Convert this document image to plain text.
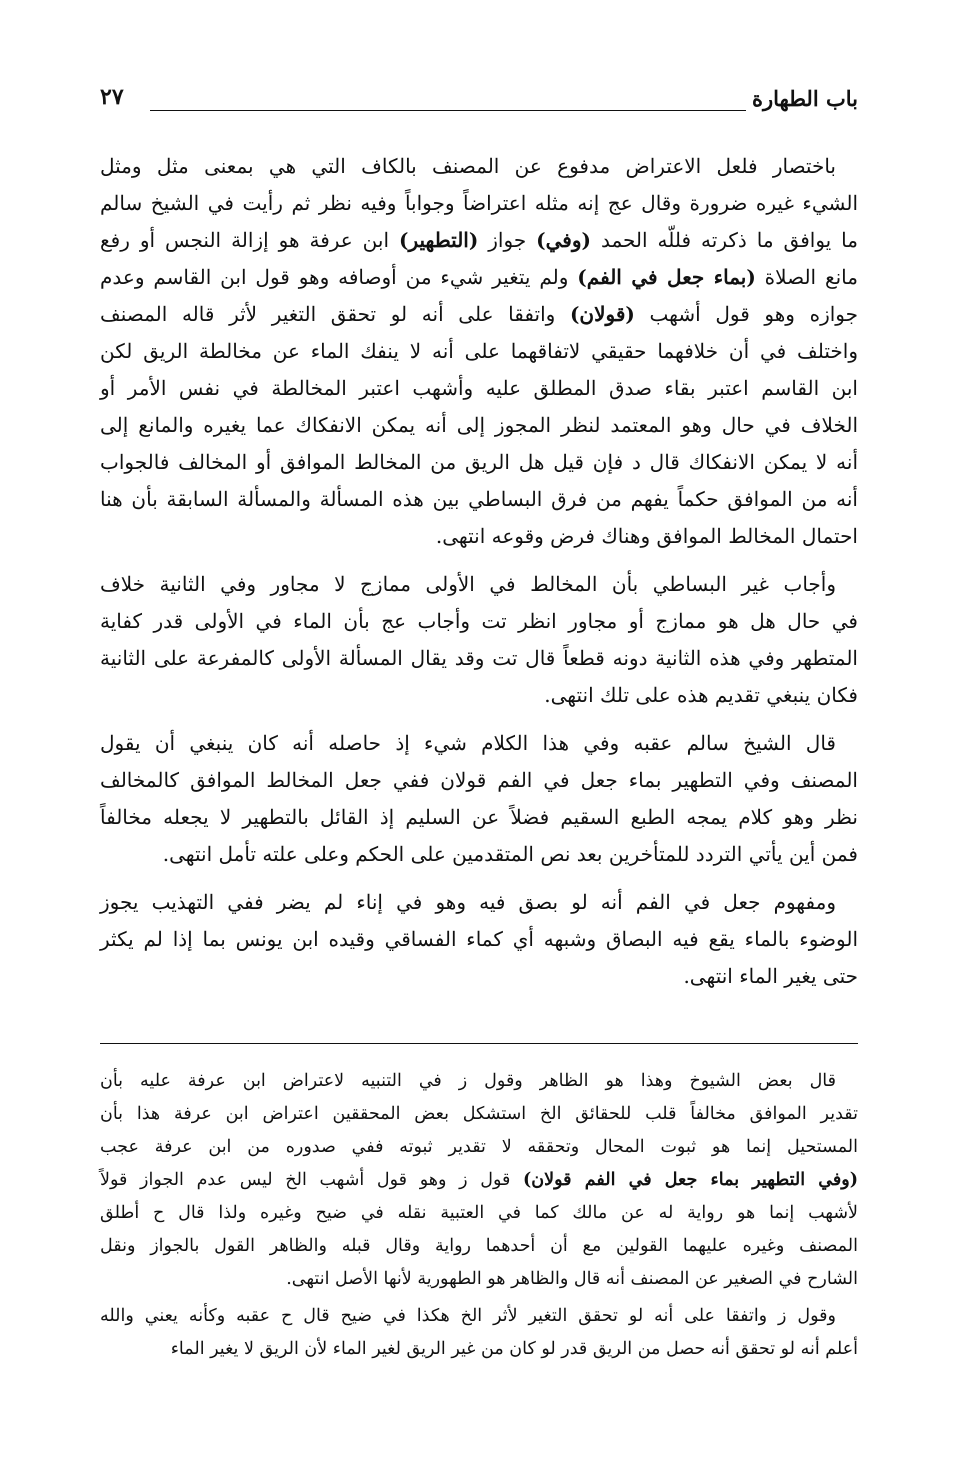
باب الطهارة
٢٧
باختصار فلعل الاعتراض مدفوع عن المصنف بالكاف التي هي بمعنى مثل ومثل
الشيء غيره ضرورة وقال عج إنه مثله اعتراضاً وجواباً وفيه نظر ثم رأيت في الشيخ سالم
ما يوافق ما ذكرته فللّه الحمد (وفي) جواز (التطهير) ابن عرفة هو إزالة النجس أو رفع
مانع الصلاة (بماء جعل في الفم) ولم يتغير شيء من أوصافه وهو قول ابن القاسم وعدم
جوازه وهو قول أشهب (قولان) واتفقا على أنه لو تحقق التغير لأثر قاله المصنف
واختلف في أن خلافهما حقيقي لاتفاقهما على أنه لا ينفك الماء عن مخالطة الريق لكن
ابن القاسم اعتبر بقاء صدق المطلق عليه وأشهب اعتبر المخالطة في نفس الأمر أو
الخلاف في حال وهو المعتمد لنظر المجوز إلى أنه يمكن الانفكاك عما يغيره والمانع إلى
أنه لا يمكن الانفكاك قال د فإن قيل هل الريق من المخالط الموافق أو المخالف فالجواب
أنه من الموافق حكماً يفهم من فرق البساطي بين هذه المسألة والمسألة السابقة بأن هنا
احتمال المخالط الموافق وهناك فرض وقوعه انتهى.
وأجاب غير البساطي بأن المخالط في الأولى ممازج لا مجاور وفي الثانية خلاف
في حال هل هو ممازج أو مجاور انظر تت وأجاب عج بأن الماء في الأولى قدر كفاية
المتطهر وفي هذه الثانية دونه قطعاً قال تت وقد يقال المسألة الأولى كالمفرعة على الثانية
فكان ينبغي تقديم هذه على تلك انتهى.
قال الشيخ سالم عقبه وفي هذا الكلام شيء إذ حاصله أنه كان ينبغي أن يقول
المصنف وفي التطهير بماء جعل في الفم قولان ففي جعل المخالط الموافق كالمخالف
نظر وهو كلام يمجه الطبع السقيم فضلاً عن السليم إذ القائل بالتطهير لا يجعله مخالفاً
فمن أين يأتي التردد للمتأخرين بعد نص المتقدمين على الحكم وعلى علته تأمل انتهى.
ومفهوم جعل في الفم أنه لو بصق فيه وهو في إناء لم يضر ففي التهذيب يجوز
الوضوء بالماء يقع فيه البصاق وشبهه أي كماء الفساقي وقيده ابن يونس بما إذا لم يكثر
حتى يغير الماء انتهى.
قال بعض الشيوخ وهذا هو الظاهر وقول ز في التنبيه لاعتراض ابن عرفة عليه بأن
تقدير الموافق مخالفاً قلب للحقائق الخ استشكل بعض المحققين اعتراض ابن عرفة هذا بأن
المستحيل إنما هو ثبوت المحال وتحققه لا تقدير ثبوته ففي صدوره من ابن عرفة عجب
(وفي التطهير بماء جعل في الفم قولان) قول ز وهو قول أشهب الخ ليس عدم الجواز قولاً
لأشهب إنما هو رواية له عن مالك كما في العتبية نقله في ضيح وغيره ولذا قال ح أطلق
المصنف وغيره عليهما القولين مع أن أحدهما رواية وقال قبله والظاهر القول بالجواز ونقل
الشارح في الصغير عن المصنف أنه قال والظاهر هو الطهورية لأنها الأصل انتهى.
وقول ز واتفقا على أنه لو تحقق التغير لأثر الخ هكذا في ضيح قال ح عقبه وكأنه يعني والله
أعلم أنه لو تحقق أنه حصل من الريق قدر لو كان من غير الريق لغير الماء لأن الريق لا يغير الماء
